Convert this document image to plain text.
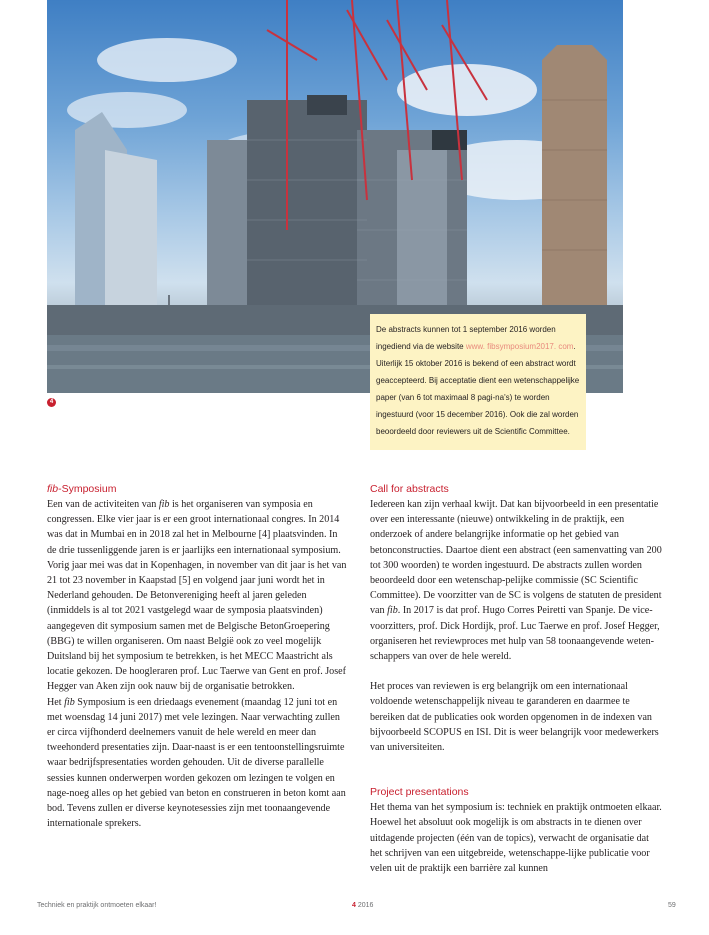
4
De abstracts kunnen tot 1 september 2016 worden ingediend via de website www. fibsymposium2017. com. Uiterlijk 15 oktober 2016 is bekend of een abstract wordt geaccepteerd. Bij acceptatie dient een wetenschappelijke paper (van 6 tot maximaal 8 pagi-na's) te worden ingestuurd (voor 15 december 2016). Ook die zal worden beoordeeld door reviewers uit de Scientific Committee.
fib-Symposium

Een van de activiteiten van fib is het organiseren van symposia en congressen. Elke vier jaar is er een groot internationaal congres. In 2014 was dat in Mumbai en in 2018 zal het in Melbourne [4] plaatsvinden. In de drie tussenliggende jaren is er jaarlijks een internationaal symposium. Vorig jaar mei was dat in Kopenhagen, in november van dit jaar is het van 21 tot 23 november in Kaapstad [5] en volgend jaar juni wordt het in Nederland gehouden. De Betonvereniging heeft al jaren geleden (inmiddels is al tot 2021 vastgelegd waar de symposia plaatsvinden) aangegeven dit symposium samen met de Belgische BetonGroepering (BBG) te willen organiseren. Om naast België ook zo veel mogelijk Duitsland bij het symposium te betrekken, is het MECC Maastricht als locatie gekozen. De hoogleraren prof. Luc Taerwe van Gent en prof. Josef Hegger van Aken zijn ook nauw bij de organisatie betrokken.

Het fib Symposium is een driedaags evenement (maandag 12 juni tot en met woensdag 14 juni 2017) met vele lezingen. Naar verwachting zullen er circa vijfhonderd deelnemers vanuit de hele wereld en meer dan tweehonderd presentaties zijn. Daar-naast is er een tentoonstellingsruimte waar bedrijfspresentaties worden gehouden. Uit de diverse parallelle sessies kunnen onderwerpen worden gekozen om lezingen te volgen en nage-noeg alles op het gebied van beton en construeren in beton komt aan bod. Tevens zullen er diverse keynotesessies zijn met toonaangevende internationale sprekers.

Call for abstracts

Iedereen kan zijn verhaal kwijt. Dat kan bijvoorbeeld in een presentatie over een interessante (nieuwe) ontwikkeling in de praktijk, een onderzoek of andere belangrijke informatie op het gebied van betonconstructies. Daartoe dient een abstract (een samenvatting van 200 tot 300 woorden) te worden ingestuurd. De abstracts zullen worden beoordeeld door een wetenschap-pelijke commissie (SC Scientific Committee). De voorzitter van de SC is volgens de statuten de president van fib. In 2017 is dat prof. Hugo Corres Peiretti van Spanje. De vice-voorzitters, prof. Dick Hordijk, prof. Luc Taerwe en prof. Josef Hegger, organiseren het reviewproces met hulp van 58 toonaangevende weten-schappers van over de hele wereld.

Het proces van reviewen is erg belangrijk om een internationaal voldoende wetenschappelijk niveau te garanderen en daarmee te bereiken dat de publicaties ook worden opgenomen in de indexen van bijvoorbeeld SCOPUS en ISI. Dit is weer belangrijk voor medewerkers van universiteiten.

Project presentations

Het thema van het symposium is: techniek en praktijk ontmoeten elkaar. Hoewel het absoluut ook mogelijk is om abstracts in te dienen over uitdagende projecten (één van de topics), verwacht de organisatie dat het schrijven van een uitgebreide, wetenschappe-lijke publicatie voor velen uit de praktijk een barrière zal kunnen

Techniek en praktijk ontmoeten elkaar!	4 2016	59
